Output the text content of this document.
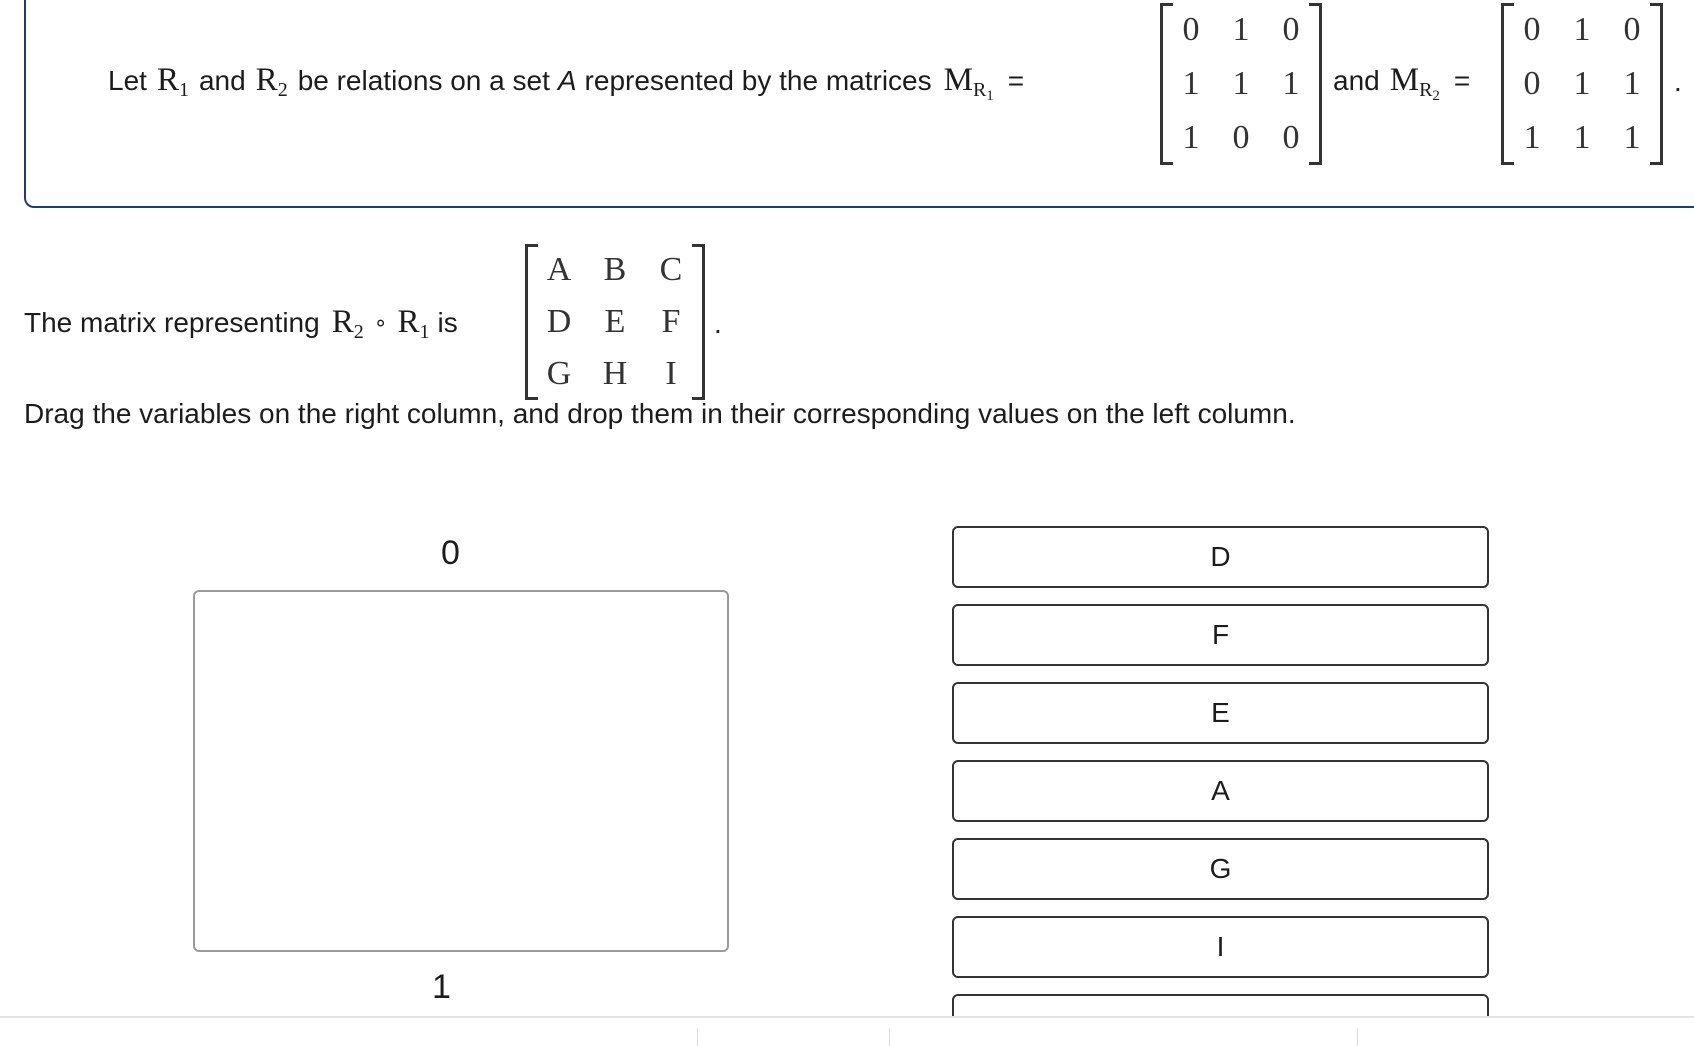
Let $R_1$ and $R_2$ be relations on a set A represented by the matrices $M_{R_1}$
=
0 1 0
1 1 1
1 0 0
and $M_{R_2}$
=
0 1 0
0 1 1
1 1 1
.
The matrix representing $R_2$ ∘ $R_1$ is
A B C
D E F
G H I
.
Drag the variables on the right column, and drop them in their corresponding values on the left column.
0
1
D
F
E
A
G
I
